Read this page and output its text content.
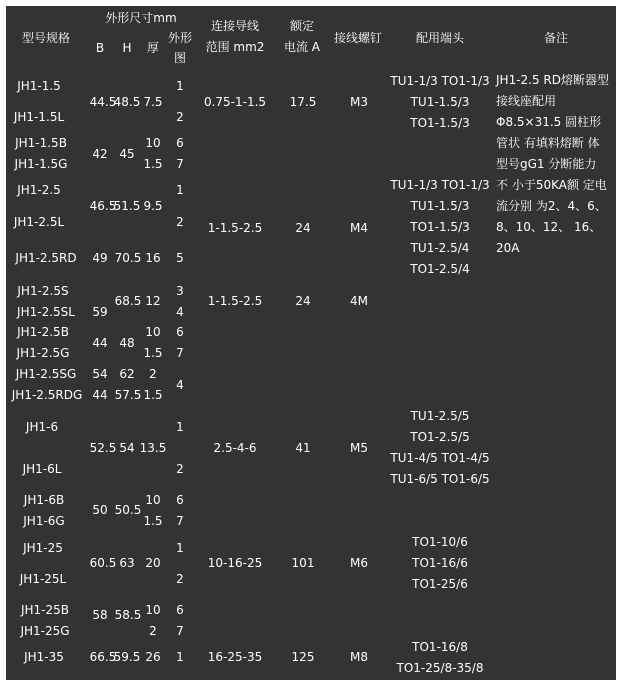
型号规格
外形尺寸mm
B H 厚
外形
图
连接导线
范围 mm2
额定
电流 A
接线螺钉	配用端头	备注
JH1-1.5
JH1-1.5L
JH1-1.5B
JH1-1.5G
JH1-2.5
JH1-2.5L
JH1-2.5RD
JH1-2.5S
JH1-2.5SL
JH1-2.5B
JH1-2.5G
JH1-2.5SG
JH1-2.5RDG
JH1-6
JH1-6L
JH1-6B
JH1-6G
JH1-25
JH1-25L
JH1-25B
JH1-25G
JH1-35
44.5
42
46.5
49
59
44
54
44
52.5
50
60.5
58
66.5
48.5
45
51.5
70.5
68.5
48
62
57.5
54
50.5
63
58.5
59.5
7.5
10
1.5
9.5
16
12
10
1.5
2
1.5
13.5
10
1.5
20
10
2
26
1
2
6
7
1
2
5
3
4
6
7
4
1
2
6
7
1
2
6
7
1
0.75-1-1.5
1-1.5-2.5
1-1.5-2.5
2.5-4-6
10-16-25
16-25-35
17.5
24
24
41
101
125
M3
M4
4M
M5
M6
M8
TU1-1/3 TO1-1/3
TU1-1.5/3
TO1-1.5/3
TU1-1/3 TO1-1/3
TU1-1.5/3
TO1-1.5/3
TU1-2.5/4
TO1-2.5/4
TU1-2.5/5
TO1-2.5/5
TU1-4/5 TO1-4/5
TU1-6/5 TO1-6/5
TO1-10/6
TO1-16/6
TO1-25/6
TO1-16/8
TO1-25/8-35/8
JH1-2.5 RD熔断器型
接线座配用
Φ8.5×31.5 圆柱形
管状 有填料熔断 体
型号gG1 分断能力
不 小于50KA额 定电
流分别 为2、4、6、
8、10、12、 16、
20A
